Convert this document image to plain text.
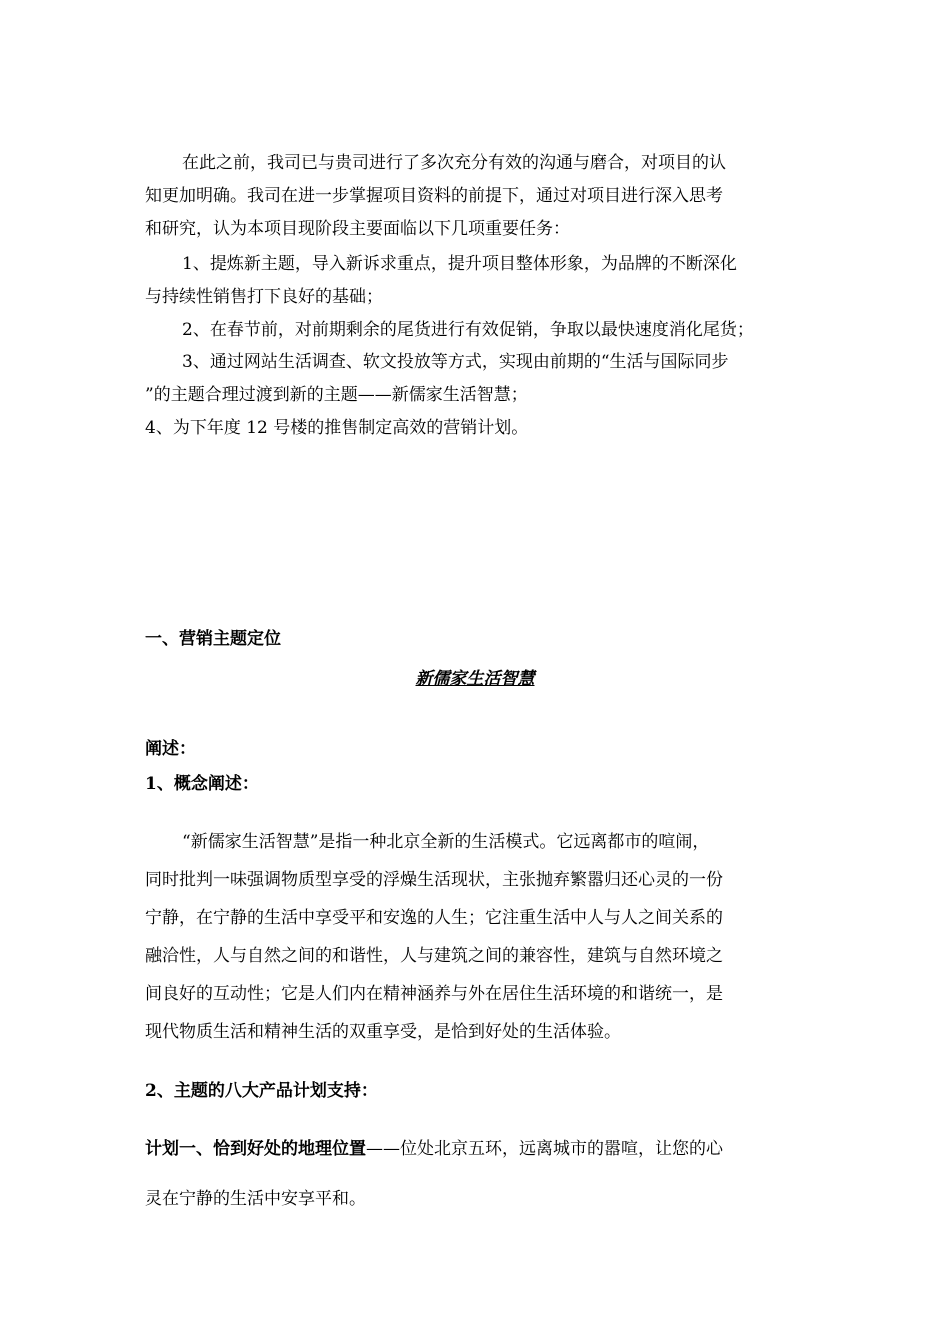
在此之前，我司已与贵司进行了多次充分有效的沟通与磨合，对项目的认
知更加明确。我司在进一步掌握项目资料的前提下，通过对项目进行深入思考
和研究，认为本项目现阶段主要面临以下几项重要任务：
1、提炼新主题，导入新诉求重点，提升项目整体形象，为品牌的不断深化
与持续性销售打下良好的基础；
2、在春节前，对前期剩余的尾货进行有效促销，争取以最快速度消化尾货；
3、通过网站生活调查、软文投放等方式，实现由前期的“生活与国际同步
”的主题合理过渡到新的主题——新儒家生活智慧；
4、为下年度 12 号楼的推售制定高效的营销计划。
一、营销主题定位
新儒家生活智慧
阐述：
1、概念阐述：
“新儒家生活智慧”是指一种北京全新的生活模式。它远离都市的喧闹，
同时批判一味强调物质型享受的浮燥生活现状，主张抛弃繁嚣归还心灵的一份
宁静，在宁静的生活中享受平和安逸的人生；它注重生活中人与人之间关系的
融洽性，人与自然之间的和谐性，人与建筑之间的兼容性，建筑与自然环境之
间良好的互动性；它是人们内在精神涵养与外在居住生活环境的和谐统一，是
现代物质生活和精神生活的双重享受，是恰到好处的生活体验。
2、主题的八大产品计划支持：
计划一、恰到好处的地理位置——位处北京五环，远离城市的嚣喧，让您的心
灵在宁静的生活中安享平和。
